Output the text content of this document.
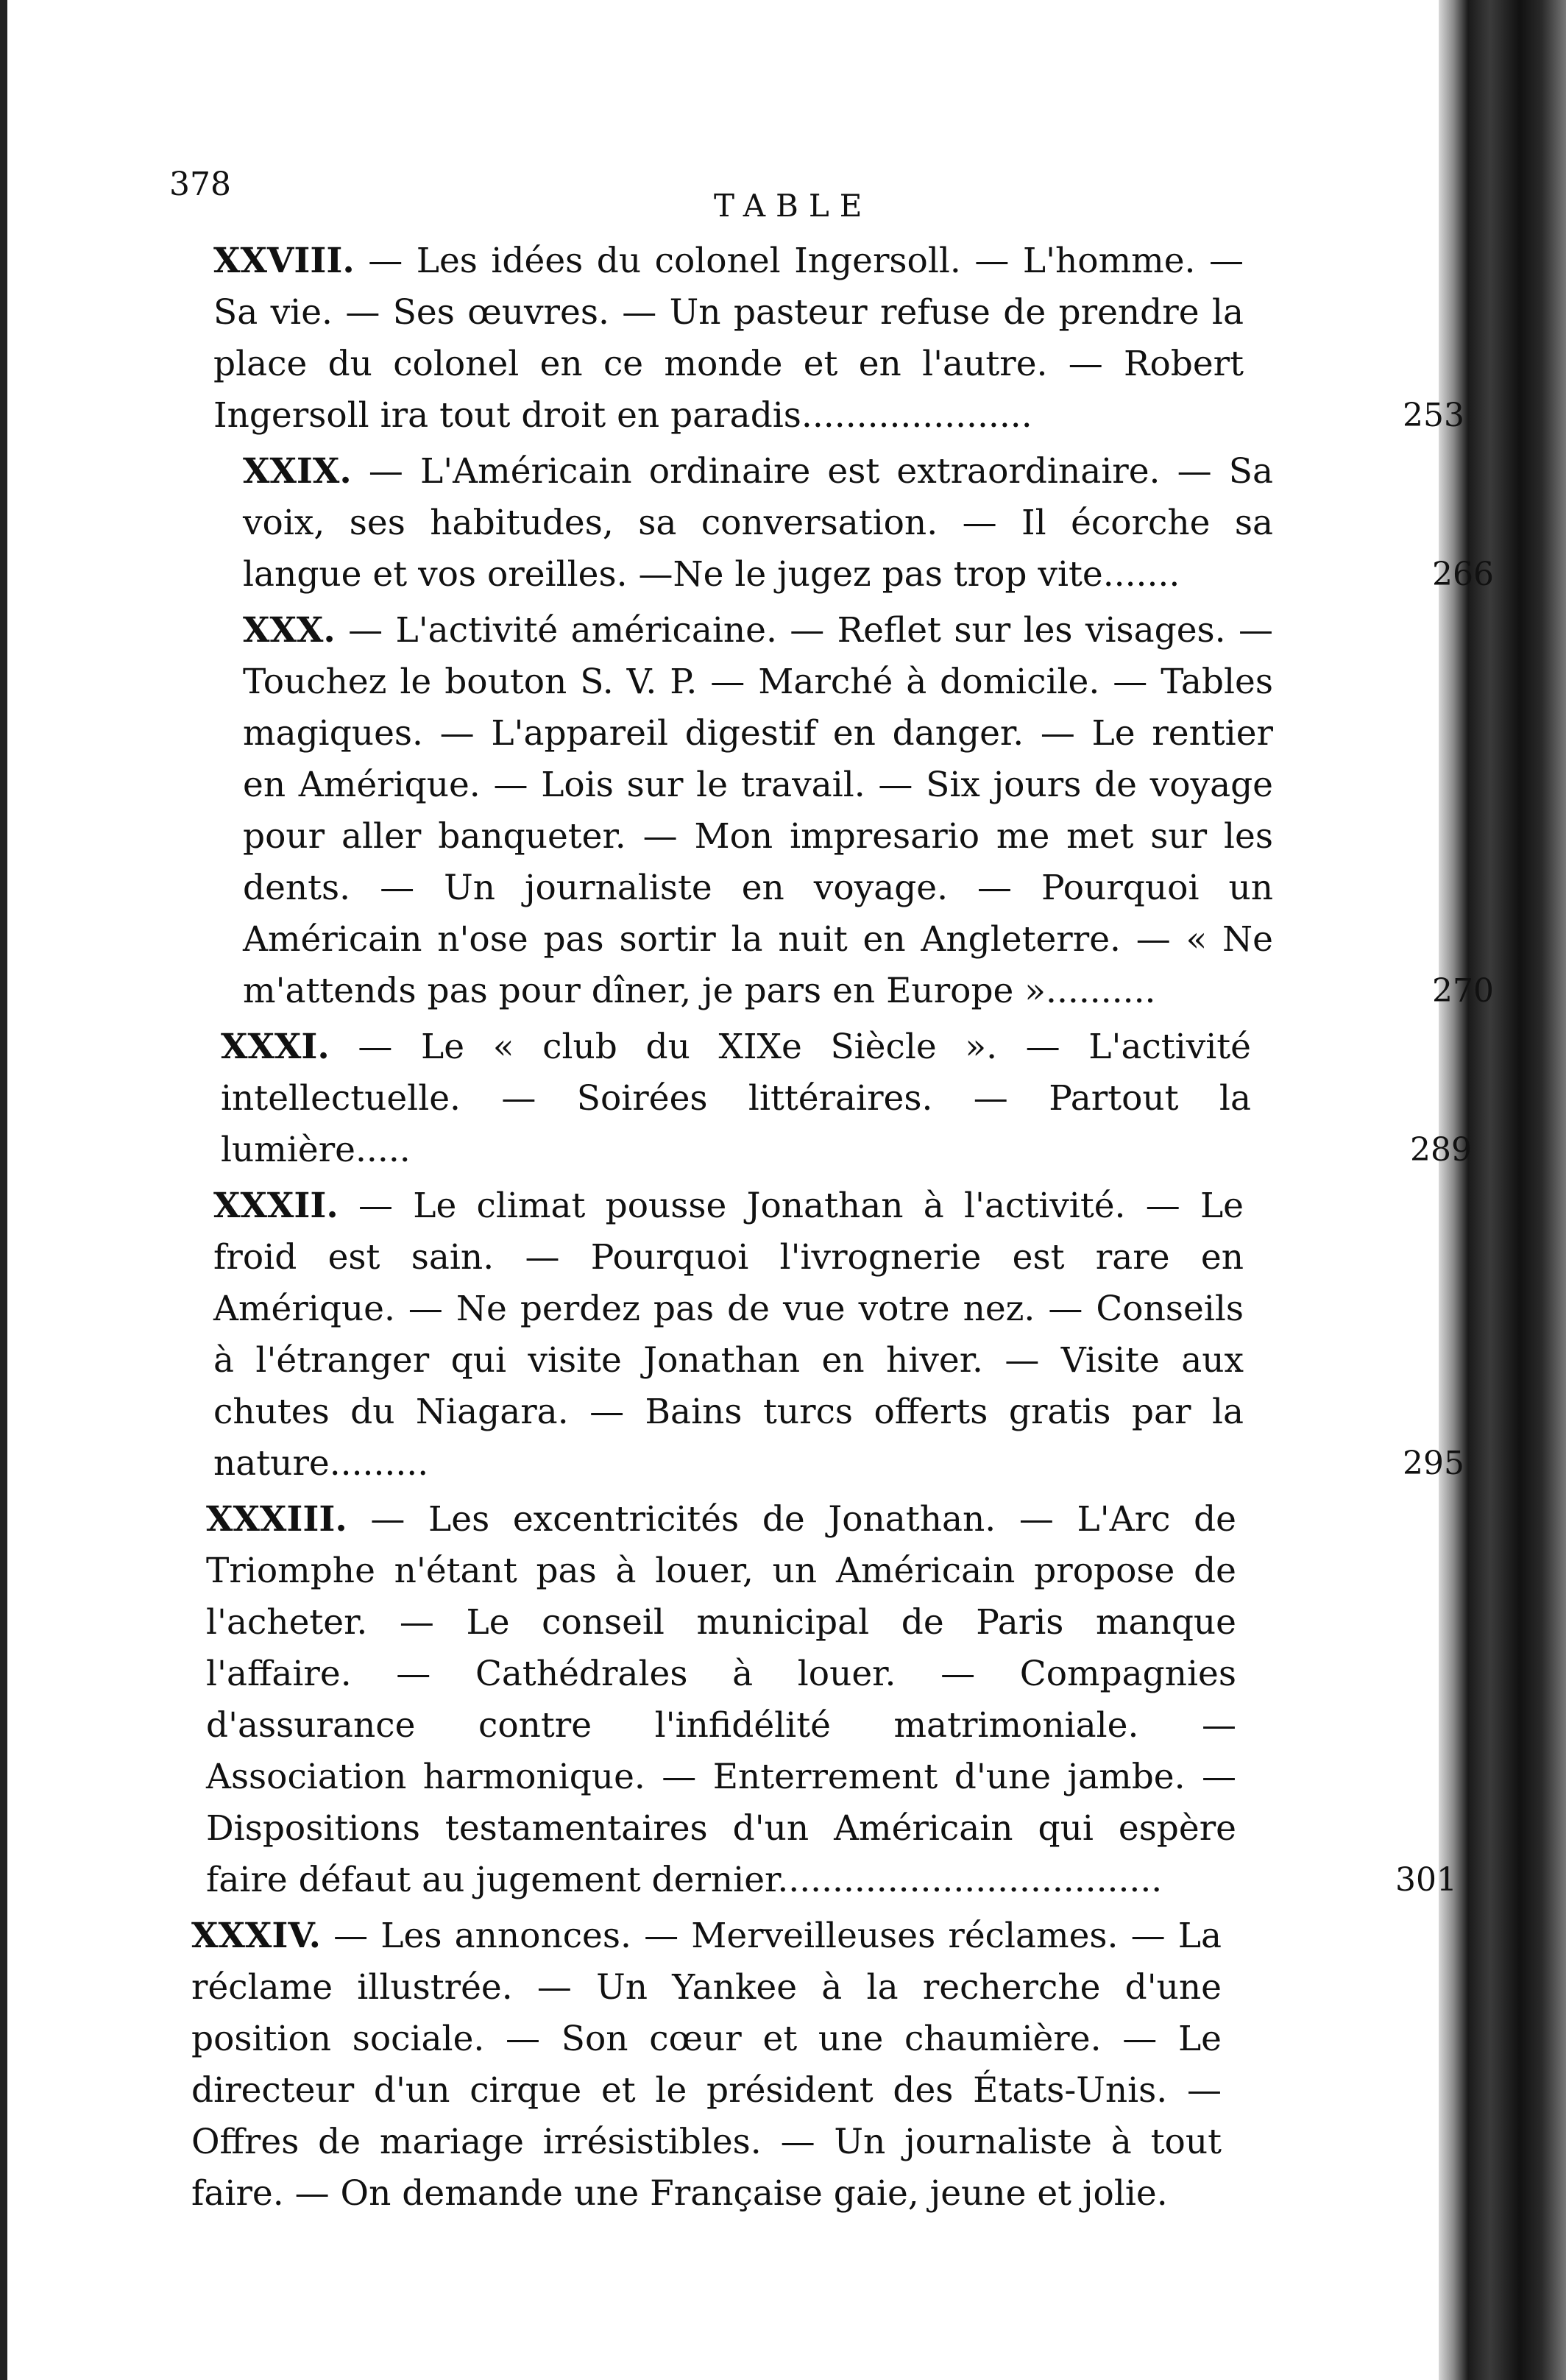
378
TABLE
XXVIII. — Les idées du colonel Ingersoll. — L'homme. — Sa vie. — Ses œuvres. — Un pasteur refuse de prendre la place du colonel en ce monde et en l'autre. — Robert Ingersoll ira tout droit en paradis.....................	253
XXIX. — L'Américain ordinaire est extraordinaire. — Sa voix, ses habitudes, sa conversation. — Il écorche sa langue et vos oreilles. —Ne le jugez pas trop vite.......	266
XXX. — L'activité américaine. — Reflet sur les visages. — Touchez le bouton S. V. P. — Marché à domicile. — Tables magiques. — L'appareil digestif en danger. — Le rentier en Amérique. — Lois sur le travail. — Six jours de voyage pour aller banqueter. — Mon impresario me met sur les dents. — Un journaliste en voyage. — Pourquoi un Américain n'ose pas sortir la nuit en Angleterre. — « Ne m'attends pas pour dîner, je pars en Europe »..........	270
XXXI. — Le « club du XIXe Siècle ». — L'activité intellectuelle. — Soirées littéraires. — Partout la lumière.....	289
XXXII. — Le climat pousse Jonathan à l'activité. — Le froid est sain. — Pourquoi l'ivrognerie est rare en Amérique. — Ne perdez pas de vue votre nez. — Conseils à l'étranger qui visite Jonathan en hiver. — Visite aux chutes du Niagara. — Bains turcs offerts gratis par la nature.........	295
XXXIII. — Les excentricités de Jonathan. — L'Arc de Triomphe n'étant pas à louer, un Américain propose de l'acheter. — Le conseil municipal de Paris manque l'affaire. — Cathédrales à louer. — Compagnies d'assurance contre l'infidélité matrimoniale. — Association harmonique. — Enterrement d'une jambe. — Dispositions testamentaires d'un Américain qui espère faire défaut au jugement dernier...................................	301
XXXIV. — Les annonces. — Merveilleuses réclames. — La réclame illustrée. — Un Yankee à la recherche d'une position sociale. — Son cœur et une chaumière. — Le directeur d'un cirque et le président des États-Unis. — Offres de mariage irrésistibles. — Un journaliste à tout faire. — On demande une Française gaie, jeune et jolie.
